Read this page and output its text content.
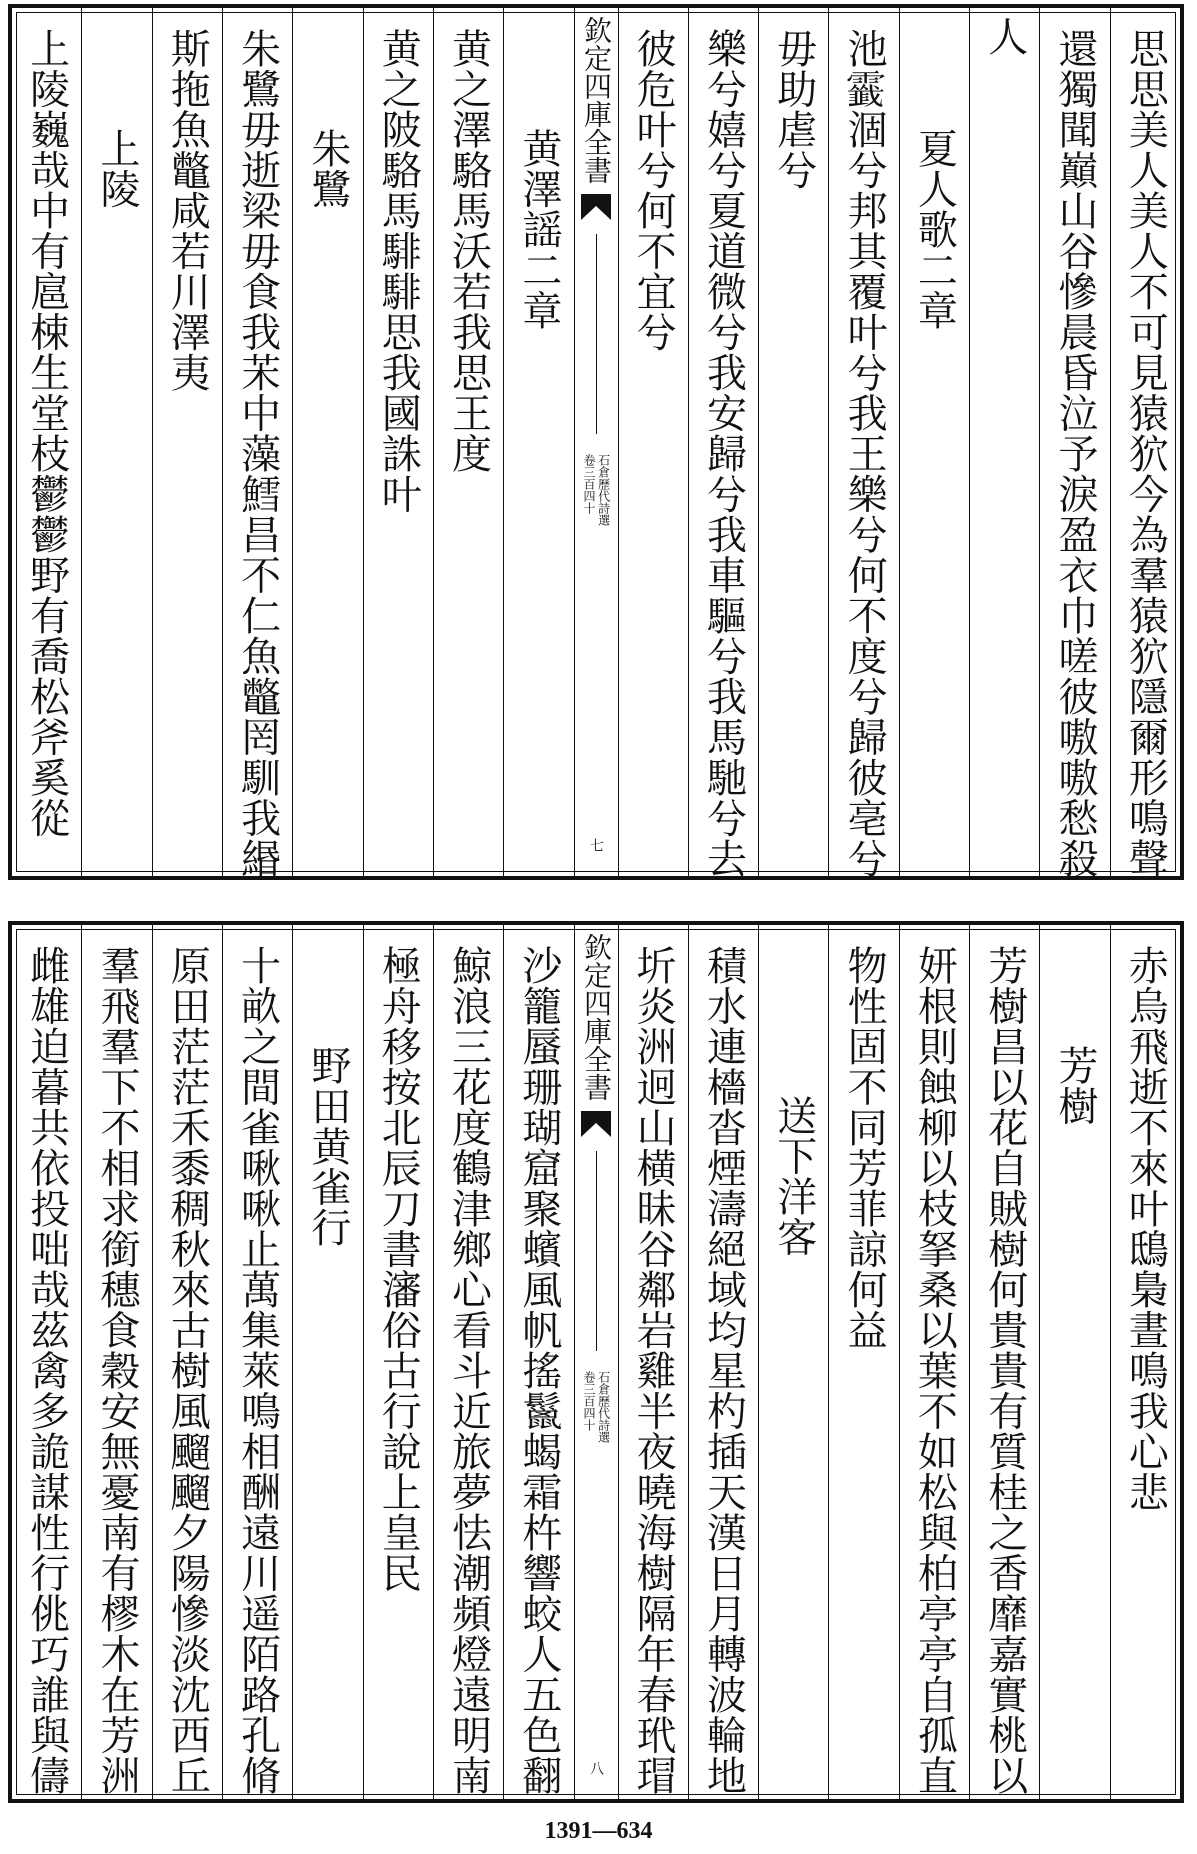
思思美人美人不可見猿狖今為羣猿狖隱爾形鳴聲
還獨聞巔山谷慘晨昏泣予淚盈衣巾嗟彼嗷嗷愁殺
人
夏人歌二章
池𩆷涸兮邦其覆叶兮我王樂兮何不度兮歸彼亳兮
毋助虐兮
樂兮嬉兮夏道微兮我安歸兮我車驅兮我馬馳兮去
彼危叶兮何不宜兮
欽定四庫全書
石倉歷代詩選
卷三百四十
七
黄澤謡二章
黄之澤駱馬沃若我思王度
黄之陂駱馬騑騑思我國誅叶
朱鷺
朱鷺毋逝梁毋食我㭉中藻鱈昌不仁魚鼈罔馴我緡
斯拖魚鼈咸若川澤夷
上陵
上陵巍哉中有扈梀生堂枝鬱鬱野有喬松斧奚從
赤烏飛逝不來叶鴟梟晝鳴我心悲
芳樹
芳樹昌以花自賊樹何貴貴有質桂之香靡嘉實桃以
妍根則蝕柳以枝拏桑以葉不如松與柏亭亭自孤直
物性固不同芳菲諒何益
送下洋客
積水連檣沓煙濤絕域均星杓插天漢日月轉波輪地
圻炎洲迥山横昧谷鄰岩雞半夜曉海樹隔年春玳瑁
欽定四庫全書
石倉歷代詩選
卷三百四十
八
沙籠蜃珊瑚窟聚蠙風帆搖鬣蝎霜杵響蛟人五色翻
鯨浪三花度鶴津鄉心看斗近旅夢怯潮頻燈遠明南
極舟移按北辰刀書瀋俗古行說上皇民
野田黄雀行
十畝之間雀啾啾止萬集萊鳴相酬遠川遥陌路孔脩
原田茫茫禾黍稠秋來古樹風飀飀夕陽慘淡沈西丘
羣飛羣下不相求銜穗食穀安無憂南有樛木在芳洲
雌雄迫暮共依投咄哉茲禽多詭謀性行佻巧誰與儔
1391—634
